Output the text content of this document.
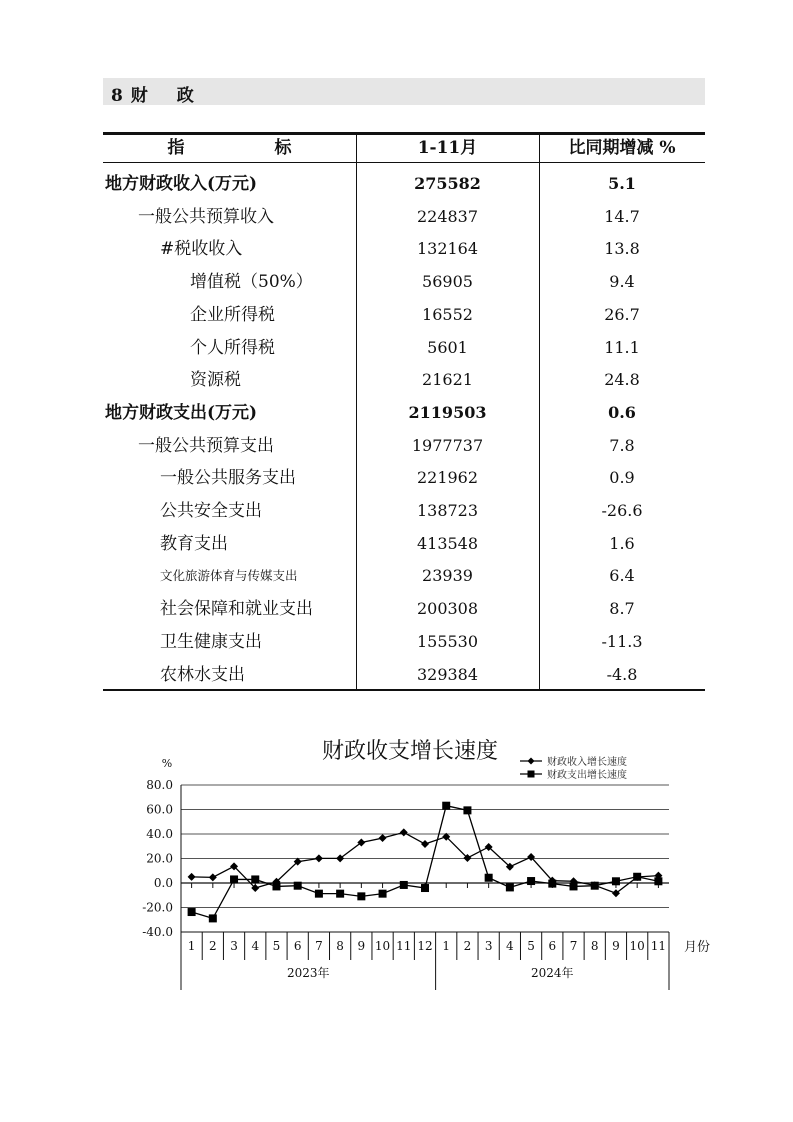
8 财 政
指	标	1-11月	比同期增减 %
地方财政收入(万元)	275582	5.1
一般公共预算收入	224837	14.7
#税收收入	132164	13.8
增值税（50%）	56905	9.4
企业所得税	16552	26.7
个人所得税	5601	11.1
资源税	21621	24.8
地方财政支出(万元)	2119503	0.6
一般公共预算支出	1977737	7.8
一般公共服务支出	221962	0.9
公共安全支出	138723	-26.6
教育支出	413548	1.6
文化旅游体育与传媒支出	23939	6.4
社会保障和就业支出	200308	8.7
卫生健康支出	155530	-11.3
农林水支出	329384	-4.8
财政收支增长速度
%
80.0
60.0
40.0
20.0
0.0
-20.0
-40.0
1 2 3 4 5 6 7 8 9 10 11 12 1 2 3 4 5 6 7 8 9 10 11
2023年	2024年
月份
财政收入增长速度
财政支出增长速度
